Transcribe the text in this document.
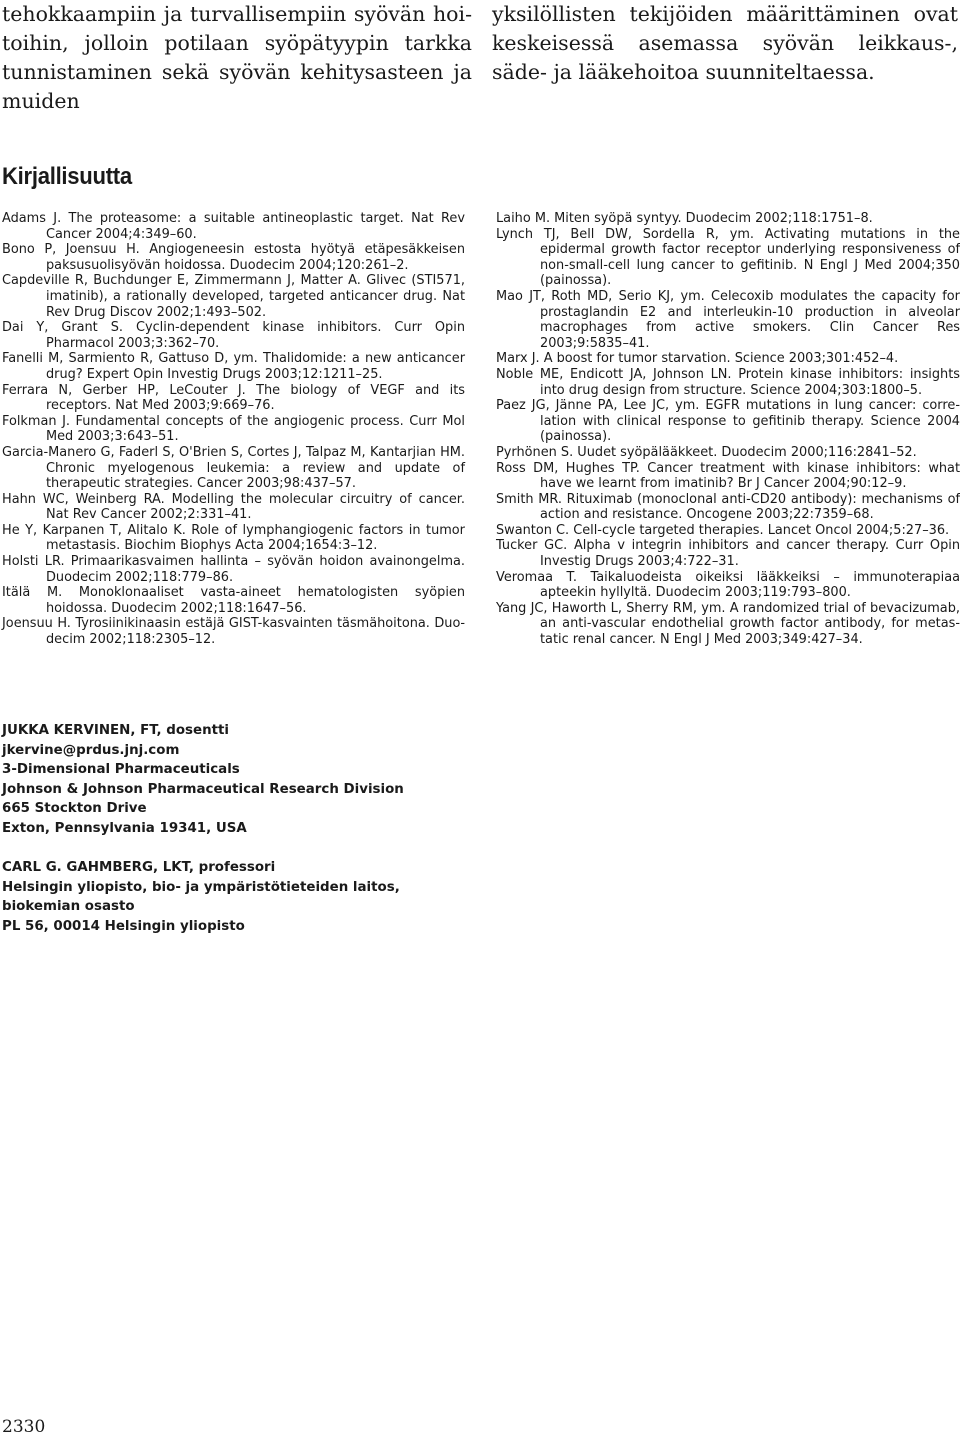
tehokkaampiin ja turvallisempiin syövän hoitoihin, jolloin potilaan syöpätyypin tarkka tunnistaminen sekä syövän kehitysasteen ja muiden

yksilöllisten tekijöiden määrittäminen ovat keskeisessä asemassa syövän leikkaus-, säde- ja lääkehoitoa suunniteltaessa.

Kirjallisuutta
Adams J. The proteasome: a suitable antineoplastic target. Nat Rev Cancer 2004;4:349–60.
Bono P, Joensuu H. Angiogeneesin estosta hyötyä etäpesäkkeisen paksusuolisyövän hoidossa. Duodecim 2004;120:261–2.
Capdeville R, Buchdunger E, Zimmermann J, Matter A. Glivec (STI571, imatinib), a rationally developed, targeted anticancer drug. Nat Rev Drug Discov 2002;1:493–502.
Dai Y, Grant S. Cyclin-dependent kinase inhibitors. Curr Opin Pharmacol 2003;3:362–70.
Fanelli M, Sarmiento R, Gattuso D, ym. Thalidomide: a new anticancer drug? Expert Opin Investig Drugs 2003;12:1211–25.
Ferrara N, Gerber HP, LeCouter J. The biology of VEGF and its receptors. Nat Med 2003;9:669–76.
Folkman J. Fundamental concepts of the angiogenic process. Curr Mol Med 2003;3:643–51.
Garcia-Manero G, Faderl S, O'Brien S, Cortes J, Talpaz M, Kantarjian HM. Chronic myelogenous leukemia: a review and update of therapeutic strategies. Cancer 2003;98:437–57.
Hahn WC, Weinberg RA. Modelling the molecular circuitry of cancer. Nat Rev Cancer 2002;2:331–41.
He Y, Karpanen T, Alitalo K. Role of lymphangiogenic factors in tumor metastasis. Biochim Biophys Acta 2004;1654:3–12.
Holsti LR. Primaarikasvaimen hallinta – syövän hoidon avainongelma. Duodecim 2002;118:779–86.
Itälä M. Monoklonaaliset vasta-aineet hematologisten syöpien hoidossa. Duodecim 2002;118:1647–56.
Joensuu H. Tyrosiinikinaasin estäjä GIST-kasvainten täsmähoitona. Duodecim 2002;118:2305–12.
Laiho M. Miten syöpä syntyy. Duodecim 2002;118:1751–8.
Lynch TJ, Bell DW, Sordella R, ym. Activating mutations in the epidermal growth factor receptor underlying responsiveness of non-small-cell lung cancer to gefitinib. N Engl J Med 2004;350 (painossa).
Mao JT, Roth MD, Serio KJ, ym. Celecoxib modulates the capacity for prostaglandin E2 and interleukin-10 production in alveolar macrophages from active smokers. Clin Cancer Res 2003;9:5835–41.
Marx J. A boost for tumor starvation. Science 2003;301:452–4.
Noble ME, Endicott JA, Johnson LN. Protein kinase inhibitors: insights into drug design from structure. Science 2004;303:1800–5.
Paez JG, Jänne PA, Lee JC, ym. EGFR mutations in lung cancer: correlation with clinical response to gefitinib therapy. Science 2004 (painossa).
Pyrhönen S. Uudet syöpälääkkeet. Duodecim 2000;116:2841–52.
Ross DM, Hughes TP. Cancer treatment with kinase inhibitors: what have we learnt from imatinib? Br J Cancer 2004;90:12–9.
Smith MR. Rituximab (monoclonal anti-CD20 antibody): mechanisms of action and resistance. Oncogene 2003;22:7359–68.
Swanton C. Cell-cycle targeted therapies. Lancet Oncol 2004;5:27–36.
Tucker GC. Alpha v integrin inhibitors and cancer therapy. Curr Opin Investig Drugs 2003;4:722–31.
Veromaa T. Taikaluodeista oikeiksi lääkkeiksi – immunoterapiaa apteekin hyllyltä. Duodecim 2003;119:793–800.
Yang JC, Haworth L, Sherry RM, ym. A randomized trial of bevacizumab, an anti-vascular endothelial growth factor antibody, for metastatic renal cancer. N Engl J Med 2003;349:427–34.
JUKKA KERVINEN, FT, dosentti
jkervine@prdus.jnj.com
3-Dimensional Pharmaceuticals
Johnson & Johnson Pharmaceutical Research Division
665 Stockton Drive
Exton, Pennsylvania 19341, USA
CARL G. GAHMBERG, LKT, professori
Helsingin yliopisto, bio- ja ympäristötieteiden laitos,
biokemian osasto
PL 56, 00014 Helsingin yliopisto
2330
